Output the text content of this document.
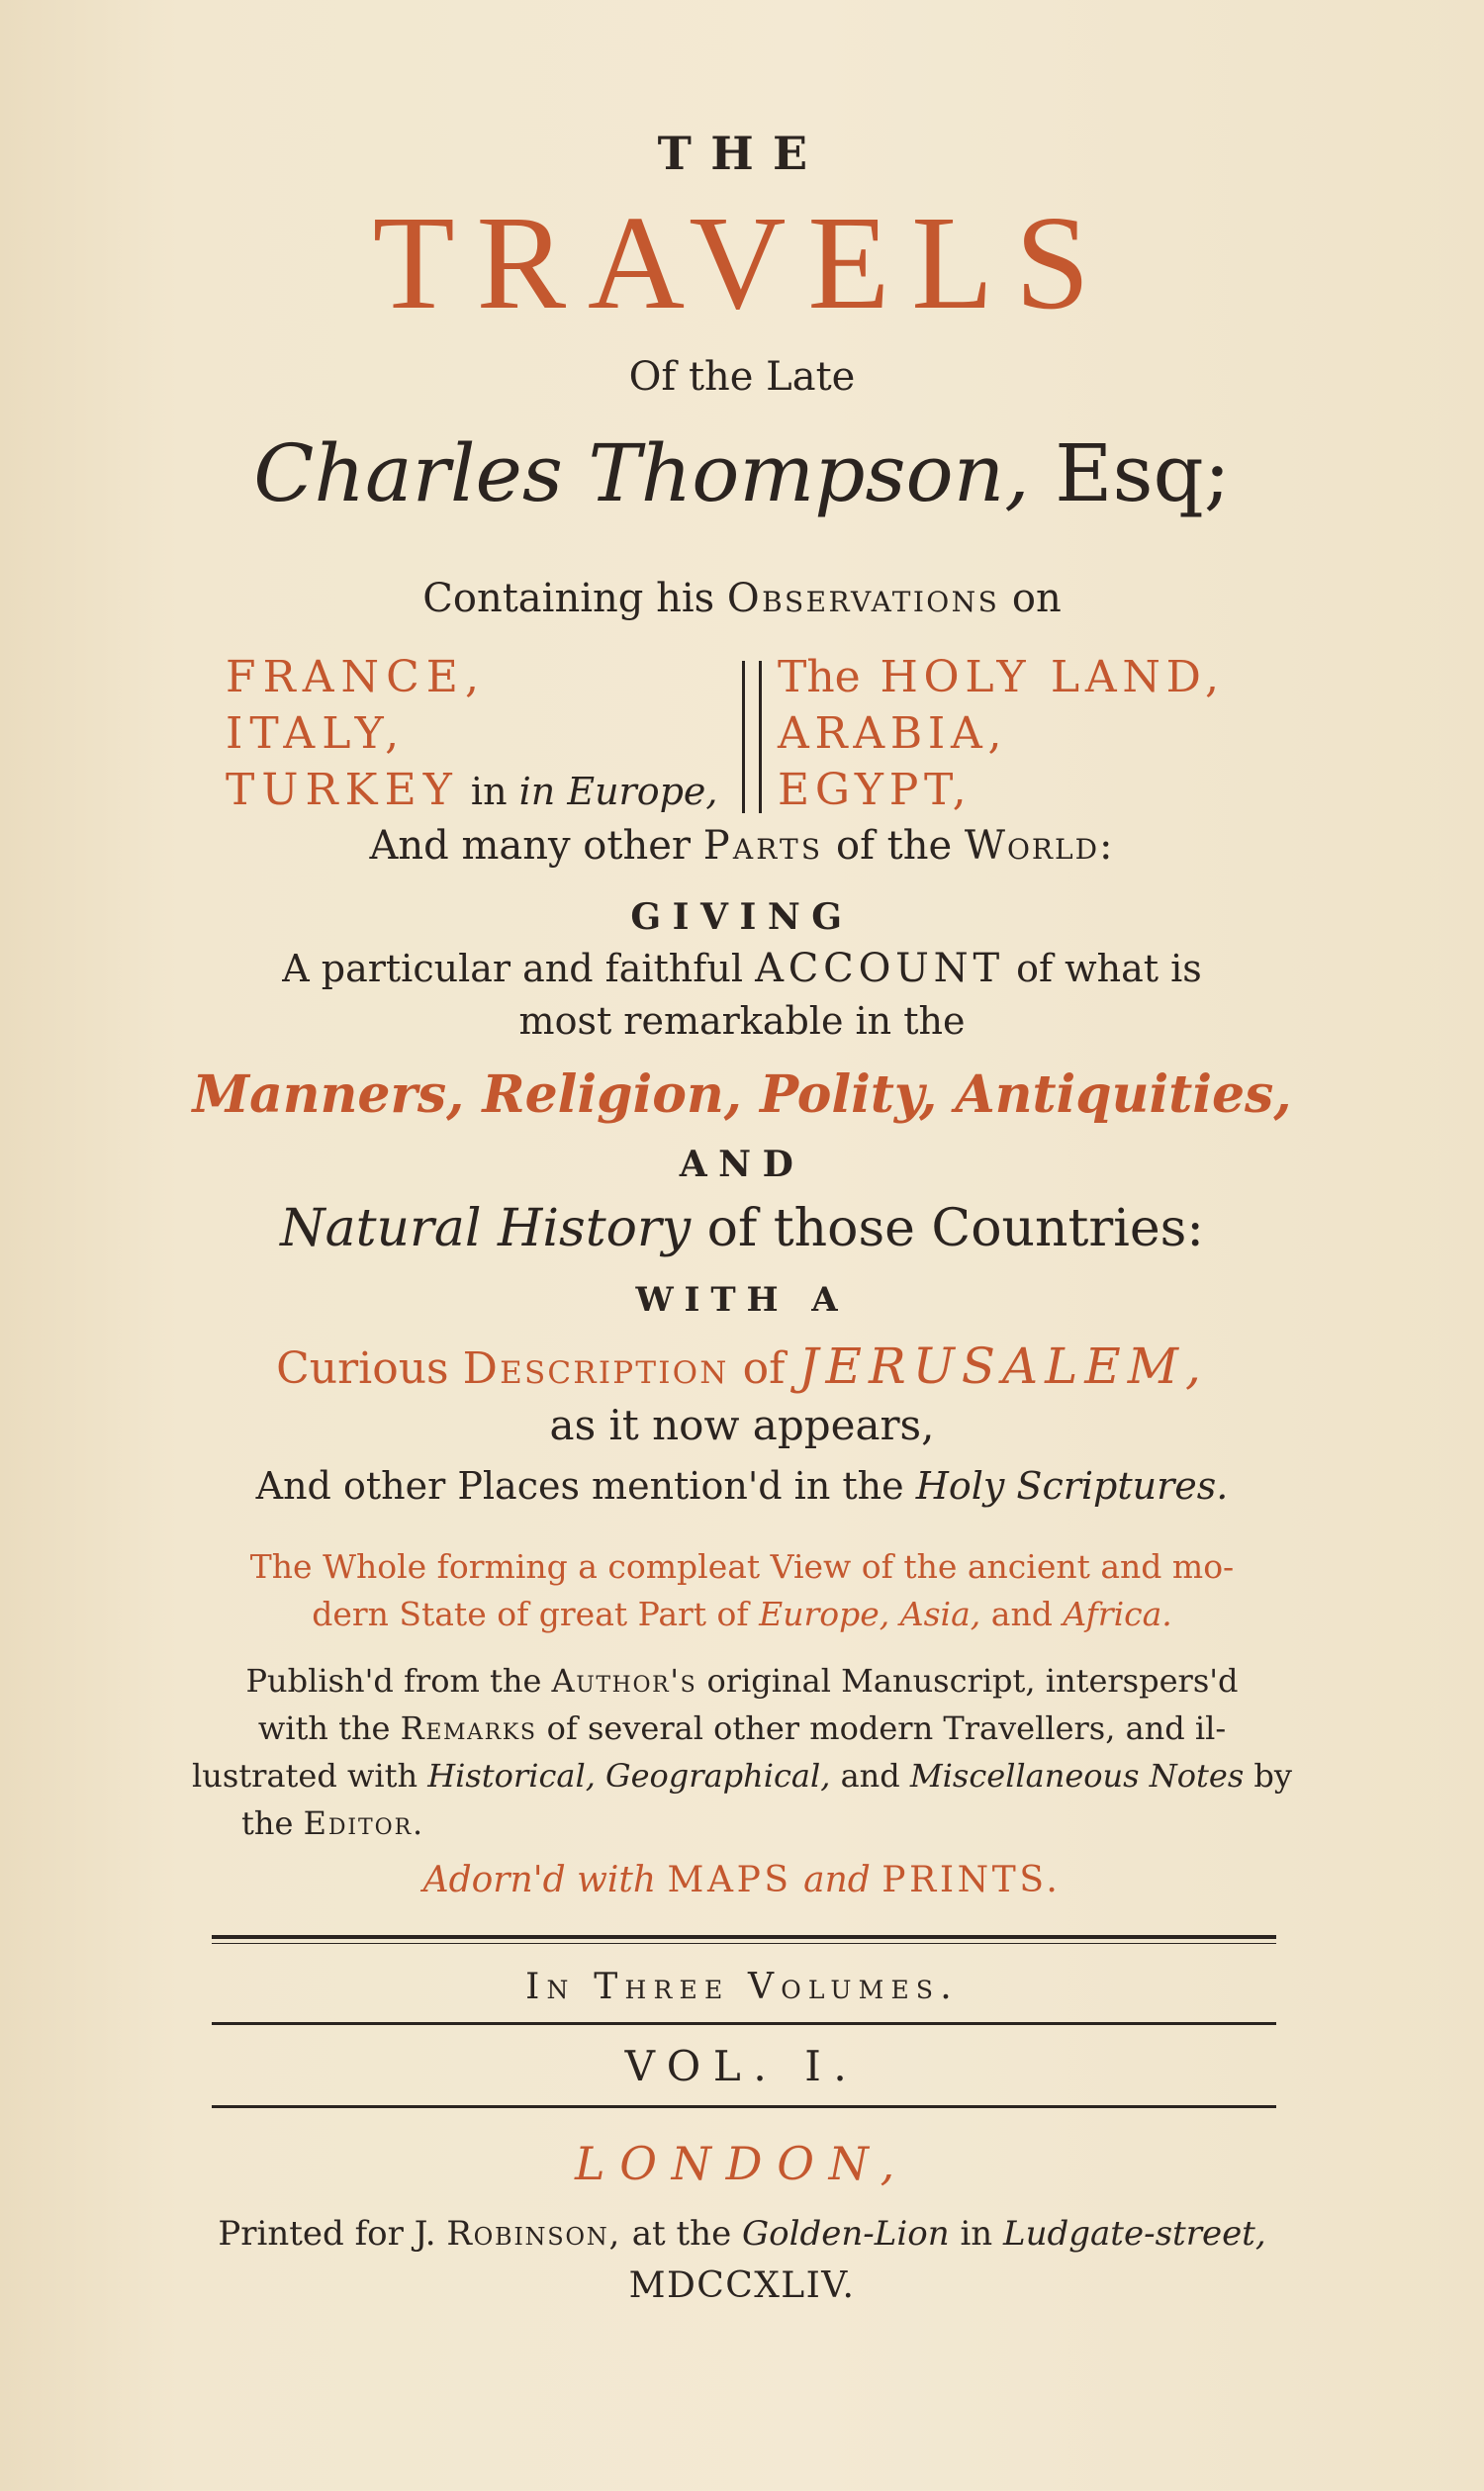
THE
TRAVELS
Of the Late
Charles Thompson, Esq;
Containing his Observations on
FRANCE,
ITALY,
TURKEY in in Europe,
The HOLY LAND,
ARABIA,
EGYPT,
And many other Parts of the World:
GIVING
A particular and faithful ACCOUNT of what is
most remarkable in the
Manners, Religion, Polity, Antiquities,
AND
Natural History of those Countries:
WITH A
Curious Description of JERUSALEM,
as it now appears,
And other Places mention'd in the Holy Scriptures.
The Whole forming a compleat View of the ancient and mo-
dern State of great Part of Europe, Asia, and Africa.
Publish'd from the Author's original Manuscript, interspers'd
with the Remarks of several other modern Travellers, and il-
lustrated with Historical, Geographical, and Miscellaneous Notes by
the Editor.
Adorn'd with MAPS and PRINTS.
In Three Volumes.
VOL. I.
LONDON,
Printed for J. Robinson, at the Golden-Lion in Ludgate-street,
MDCCXLIV.
